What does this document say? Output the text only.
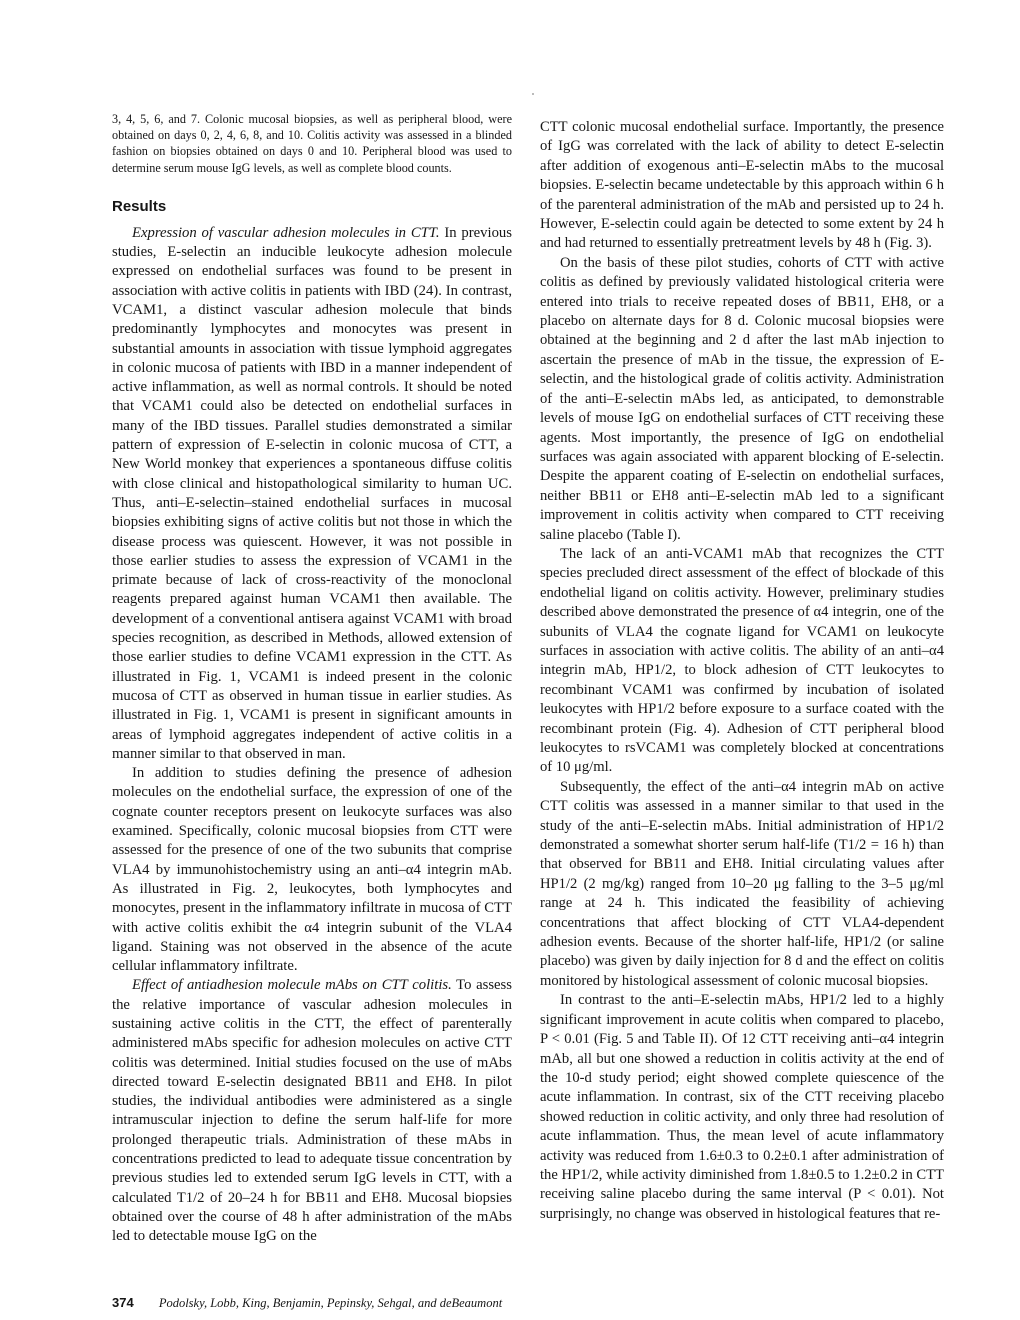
3, 4, 5, 6, and 7. Colonic mucosal biopsies, as well as peripheral blood, were obtained on days 0, 2, 4, 6, 8, and 10. Colitis activity was assessed in a blinded fashion on biopsies obtained on days 0 and 10. Peripheral blood was used to determine serum mouse IgG levels, as well as complete blood counts.

Results

Expression of vascular adhesion molecules in CTT. In previous studies, E-selectin an inducible leukocyte adhesion molecule expressed on endothelial surfaces was found to be present in association with active colitis in patients with IBD (24). In contrast, VCAM1, a distinct vascular adhesion molecule that binds predominantly lymphocytes and monocytes was present in substantial amounts in association with tissue lymphoid aggregates in colonic mucosa of patients with IBD in a manner independent of active inflammation, as well as normal controls. It should be noted that VCAM1 could also be detected on endothelial surfaces in many of the IBD tissues. Parallel studies demonstrated a similar pattern of expression of E-selectin in colonic mucosa of CTT, a New World monkey that experiences a spontaneous diffuse colitis with close clinical and histopathological similarity to human UC. Thus, anti–E-selectin–stained endothelial surfaces in mucosal biopsies exhibiting signs of active colitis but not those in which the disease process was quiescent. However, it was not possible in those earlier studies to assess the expression of VCAM1 in the primate because of lack of cross-reactivity of the monoclonal reagents prepared against human VCAM1 then available. The development of a conventional antisera against VCAM1 with broad species recognition, as described in Methods, allowed extension of those earlier studies to define VCAM1 expression in the CTT. As illustrated in Fig. 1, VCAM1 is indeed present in the colonic mucosa of CTT as observed in human tissue in earlier studies. As illustrated in Fig. 1, VCAM1 is present in significant amounts in areas of lymphoid aggregates independent of active colitis in a manner similar to that observed in man.

In addition to studies defining the presence of adhesion molecules on the endothelial surface, the expression of one of the cognate counter receptors present on leukocyte surfaces was also examined. Specifically, colonic mucosal biopsies from CTT were assessed for the presence of one of the two subunits that comprise VLA4 by immunohistochemistry using an anti–α4 integrin mAb. As illustrated in Fig. 2, leukocytes, both lymphocytes and monocytes, present in the inflammatory infiltrate in mucosa of CTT with active colitis exhibit the α4 integrin subunit of the VLA4 ligand. Staining was not observed in the absence of the acute cellular inflammatory infiltrate.

Effect of antiadhesion molecule mAbs on CTT colitis. To assess the relative importance of vascular adhesion molecules in sustaining active colitis in the CTT, the effect of parenterally administered mAbs specific for adhesion molecules on active CTT colitis was determined. Initial studies focused on the use of mAbs directed toward E-selectin designated BB11 and EH8. In pilot studies, the individual antibodies were administered as a single intramuscular injection to define the serum half-life for more prolonged therapeutic trials. Administration of these mAbs in concentrations predicted to lead to adequate tissue concentration by previous studies led to extended serum IgG levels in CTT, with a calculated T1/2 of 20–24 h for BB11 and EH8. Mucosal biopsies obtained over the course of 48 h after administration of the mAbs led to detectable mouse IgG on the

CTT colonic mucosal endothelial surface. Importantly, the presence of IgG was correlated with the lack of ability to detect E-selectin after addition of exogenous anti–E-selectin mAbs to the mucosal biopsies. E-selectin became undetectable by this approach within 6 h of the parenteral administration of the mAb and persisted up to 24 h. However, E-selectin could again be detected to some extent by 24 h and had returned to essentially pretreatment levels by 48 h (Fig. 3).

On the basis of these pilot studies, cohorts of CTT with active colitis as defined by previously validated histological criteria were entered into trials to receive repeated doses of BB11, EH8, or a placebo on alternate days for 8 d. Colonic mucosal biopsies were obtained at the beginning and 2 d after the last mAb injection to ascertain the presence of mAb in the tissue, the expression of E-selectin, and the histological grade of colitis activity. Administration of the anti–E-selectin mAbs led, as anticipated, to demonstrable levels of mouse IgG on endothelial surfaces of CTT receiving these agents. Most importantly, the presence of IgG on endothelial surfaces was again associated with apparent blocking of E-selectin. Despite the apparent coating of E-selectin on endothelial surfaces, neither BB11 or EH8 anti–E-selectin mAb led to a significant improvement in colitis activity when compared to CTT receiving saline placebo (Table I).

The lack of an anti-VCAM1 mAb that recognizes the CTT species precluded direct assessment of the effect of blockade of this endothelial ligand on colitis activity. However, preliminary studies described above demonstrated the presence of α4 integrin, one of the subunits of VLA4 the cognate ligand for VCAM1 on leukocyte surfaces in association with active colitis. The ability of an anti–α4 integrin mAb, HP1/2, to block adhesion of CTT leukocytes to recombinant VCAM1 was confirmed by incubation of isolated leukocytes with HP1/2 before exposure to a surface coated with the recombinant protein (Fig. 4). Adhesion of CTT peripheral blood leukocytes to rsVCAM1 was completely blocked at concentrations of 10 μg/ml.

Subsequently, the effect of the anti–α4 integrin mAb on active CTT colitis was assessed in a manner similar to that used in the study of the anti–E-selectin mAbs. Initial administration of HP1/2 demonstrated a somewhat shorter serum half-life (T1/2 = 16 h) than that observed for BB11 and EH8. Initial circulating values after HP1/2 (2 mg/kg) ranged from 10–20 μg falling to the 3–5 μg/ml range at 24 h. This indicated the feasibility of achieving concentrations that affect blocking of CTT VLA4-dependent adhesion events. Because of the shorter half-life, HP1/2 (or saline placebo) was given by daily injection for 8 d and the effect on colitis monitored by histological assessment of colonic mucosal biopsies.

In contrast to the anti–E-selectin mAbs, HP1/2 led to a highly significant improvement in acute colitis when compared to placebo, P < 0.01 (Fig. 5 and Table II). Of 12 CTT receiving anti–α4 integrin mAb, all but one showed a reduction in colitis activity at the end of the 10-d study period; eight showed complete quiescence of the acute inflammation. In contrast, six of the CTT receiving placebo showed reduction in colitic activity, and only three had resolution of acute inflammation. Thus, the mean level of acute inflammatory activity was reduced from 1.6±0.3 to 0.2±0.1 after administration of the HP1/2, while activity diminished from 1.8±0.5 to 1.2±0.2 in CTT receiving saline placebo during the same interval (P < 0.01). Not surprisingly, no change was observed in histological features that re-

374 Podolsky, Lobb, King, Benjamin, Pepinsky, Sehgal, and deBeaumont
